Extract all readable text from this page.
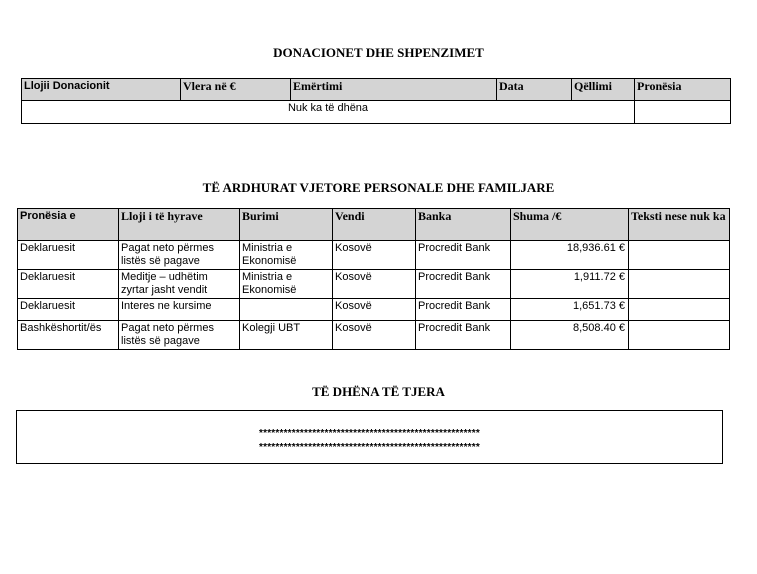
DONACIONET DHE SHPENZIMET
Llojii Donacionit	Vlera në €	Emërtimi	Data	Qëllimi	Pronësia
Nuk ka të dhëna					
TË ARDHURAT VJETORE PERSONALE DHE FAMILJARE
Pronësia e	Lloji i të hyrave	Burimi	Vendi	Banka	Shuma /€	Teksti nese nuk ka
Deklaruesit	Pagat neto përmes listës së pagave	Ministria e Ekonomisë	Kosovë	Procredit Bank	18,936.61 €	
Deklaruesit	Meditje – udhëtim zyrtar jasht vendit	Ministria e Ekonomisë	Kosovë	Procredit Bank	1,911.72 €	
Deklaruesit	Interes ne kursime		Kosovë	Procredit Bank	1,651.73 €	
Bashkëshortit/ës	Pagat neto përmes listës së pagave	Kolegji UBT	Kosovë	Procredit Bank	8,508.40 €	
TË DHËNA TË TJERA
******************************************************
******************************************************
